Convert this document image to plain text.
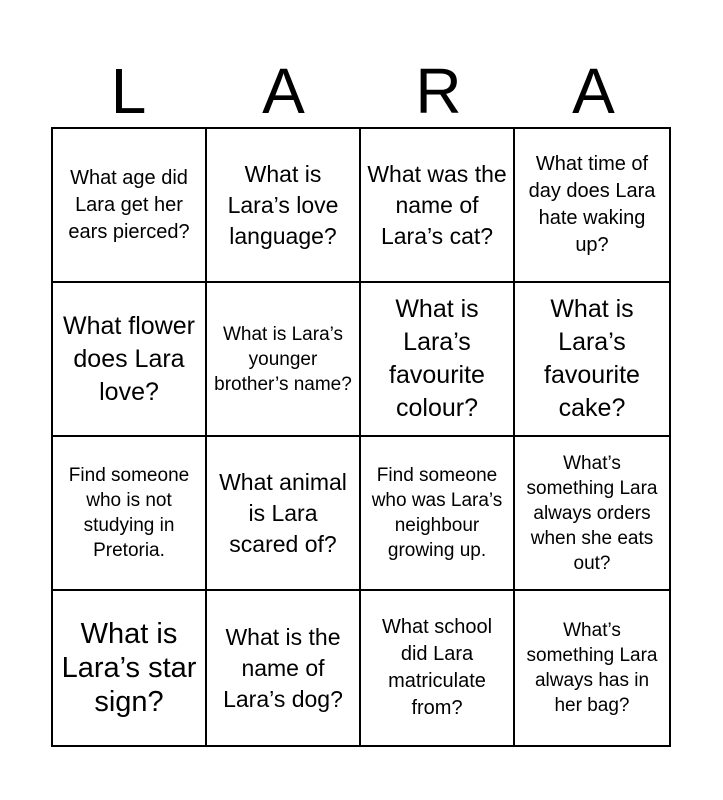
L	A	R	A
What age did Lara get her ears pierced?
What is Lara’s love language?
What was the name of Lara’s cat?
What time of day does Lara hate waking up?
What flower does Lara love?
What is Lara’s younger brother’s name?
What is Lara’s favourite colour?
What is Lara’s favourite cake?
Find someone who is not studying in Pretoria.
What animal is Lara scared of?
Find someone who was Lara’s neighbour growing up.
What’s something Lara always orders when she eats out?
What is Lara’s star sign?
What is the name of Lara’s dog?
What school did Lara matriculate from?
What’s something Lara always has in her bag?
